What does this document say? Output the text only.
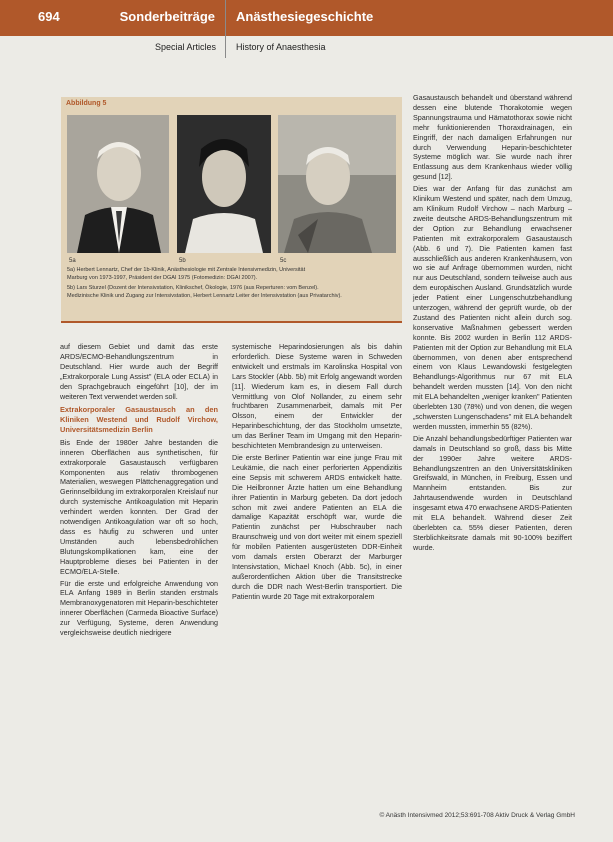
694	Sonderbeiträge Anästhesiegeschichte
Special Articles History of Anaesthesia
Abbildung 5
5a	5b	5c
5a) Herbert Lennartz, Chef der 1b-Klinik, Anästhesiologie mit Zentrale Intensivmedizin, Universität
Marburg von 1973-1997, Präsident der DGAI 1975 (Fotomedizin: DGAI 2007).
5b) Lars Sturzel (Dozent der Intensivstation, Klinikschef, Ökologie, 1976 (aus Reperturen: vom Benzel).
Medizinische Klinik und Zugang zur Intensivstation, Herbert Lennartz Leiter der Intensivstation (aus Privatarchiv).

auf diesem Gebiet und damit das erste ARDS/ECMO-Behandlungszentrum in Deutschland. Hier wurde auch der Begriff „Extrakorporale Lung Assist" (ELA oder ECLA) in den Sprachgebrauch eingeführt [10], der im weiteren Text verwendet werden soll.

Extrakorporaler Gasaustausch an den Kliniken Westend und Rudolf Virchow, Universitätsmedizin Berlin

Bis Ende der 1980er Jahre bestanden die inneren Oberflächen aus synthetischen, für extrakorporale Gasaustausch verfügbaren Komponenten aus relativ thrombogenen Materialien, weswegen Plättchenaggregation und Gerinnselbildung im extrakorporalen Kreislauf nur durch systemische Antikoagulation mit Heparin verhindert werden konnten. Der Grad der notwendigen Antikoagulation war oft so hoch, dass es häufig zu schweren und unter Umständen auch lebensbedrohlichen Blutungskomplikationen kam, eine der Hauptprobleme dieses bei Patienten in der ECMO/ELA-Stelle.

Für die erste und erfolgreiche Anwendung von ELA Anfang 1989 in Berlin standen erstmals Membranoxygenatoren mit Heparin-beschichteter innerer Oberflächen (Carmeda Bioactive Surface) zur Verfügung, Systeme, deren Anwendung vergleichsweise deutlich niedrigere

systemische Heparindosierungen als bis dahin erforderlich. Diese Systeme waren in Schweden entwickelt und erstmals im Karolinska Hospital von Lars Stockler (Abb. 5b) mit Erfolg angewandt worden [11]. Wiederum kam es, in diesem Fall durch Vermittlung von Olof Nollander, zu einem sehr fruchtbaren Zusammenarbeit, damals mit Per Olsson, einem der Entwickler der Heparinbeschichtung, der das Stockholm umsetzte, um das Berliner Team im Umgang mit den Heparin-beschichteten Membrandesign zu unterweisen.

Die erste Berliner Patientin war eine junge Frau mit Leukämie, die nach einer perforierten Appendizitis eine Sepsis mit schwerem ARDS entwickelt hatte. Die Heilbronner Ärzte hatten um eine Behandlung ihrer Patientin in Marburg gebeten. Da dort jedoch schon mit zwei andere Patienten an ELA die damalige Kapazität erschöpft war, wurde die Patientin zunächst per Hubschrauber nach Braunschweig und von dort weiter mit einem speziell für mobilen Patienten ausgerüsteten DDR-Einheit vom damals ersten Oberarzt der Marburger Intensivstation, Michael Knoch (Abb. 5c), in einer außerordentlichen Aktion über die Transitstrecke durch die DDR nach West-Berlin transportiert. Die Patientin wurde 20 Tage mit extrakorporalem

Gasaustausch behandelt und überstand während dessen eine blutende Thorakotomie wegen Spannungstrauma und Hämatothorax sowie nicht mehr funktionierenden Thoraxdrainagen, ein Eingriff, der nach damaligen Erfahrungen nur durch Verwendung Heparin-beschichteter Systeme möglich war. Sie wurde nach ihrer Entlassung aus dem Krankenhaus wieder völlig gesund [12].

Dies war der Anfang für das zunächst am Klinikum Westend und später, nach dem Umzug, am Klinikum Rudolf Virchow – nach Marburg – zweite deutsche ARDS-Behandlungszentrum mit der Option zur Behandlung erwachsener Patienten mit extrakorporalem Gasaustausch (Abb. 6 und 7). Die Patienten kamen fast ausschließlich aus anderen Krankenhäusern, von wo sie auf Anfrage übernommen wurden, nicht nur aus Deutschland, sondern teilweise auch aus dem europäischen Ausland. Grundsätzlich wurde jeder Patient einer Lungenschutzbehandlung unterzogen, während der geprüft wurde, ob der Zustand des Patienten nicht allein durch sog. konservative Maßnahmen gebessert werden konnte. Bis 2002 wurden in Berlin 112 ARDS-Patienten mit der Option zur Behandlung mit ELA übernommen, von denen aber entsprechend einem von Klaus Lewandowski festgelegten Behandlungs-Algorithmus nur 67 mit ELA behandelt werden mussten [14]. Von den nicht mit ELA behandelten „weniger kranken" Patienten überlebten 130 (78%) und von denen, die wegen „schwersten Lungenschadens" mit ELA behandelt werden mussten, immerhin 55 (82%).

Die Anzahl behandlungsbedürftiger Patienten war damals in Deutschland so groß, dass bis Mitte der 1990er Jahre weitere ARDS-Behandlungszentren an den Universitätskliniken Greifswald, in München, in Freiburg, Essen und Mannheim entstanden. Bis zur Jahrtausendwende wurden in Deutschland insgesamt etwa 470 erwachsene ARDS-Patienten mit ELA behandelt. Während dieser Zeit überlebten ca. 55% dieser Patienten, deren Sterblichkeitsrate damals mit 90-100% beziffert wurde.

© Anästh Intensivmed 2012;53:691-708 Aktiv Druck & Verlag GmbH
